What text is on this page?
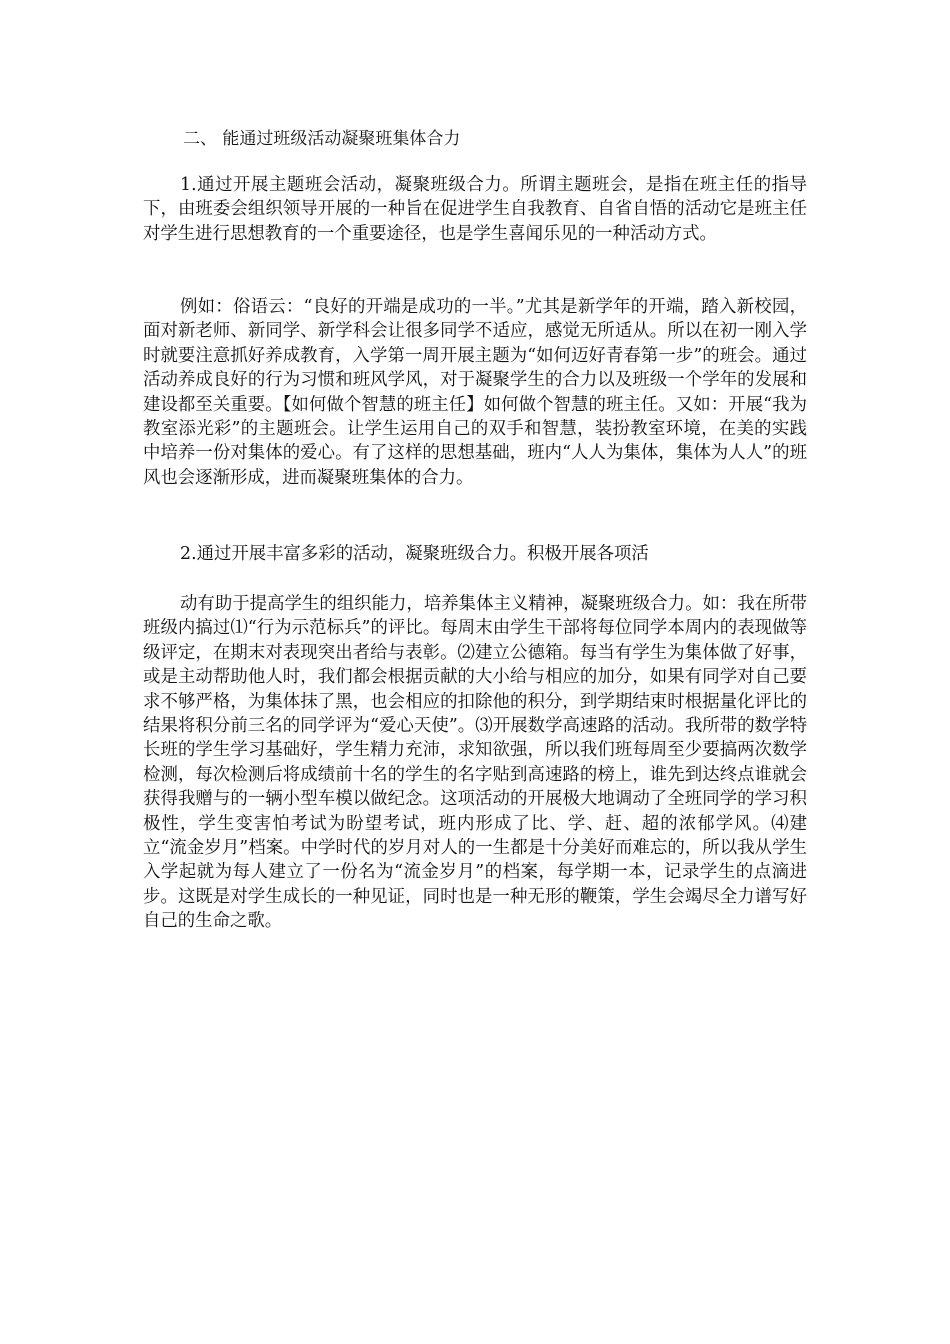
二、 能通过班级活动凝聚班集体合力

1.通过开展主题班会活动，凝聚班级合力。所谓主题班会，是指在班主任的指导下，由班委会组织领导开展的一种旨在促进学生自我教育、自省自悟的活动它是班主任对学生进行思想教育的一个重要途径，也是学生喜闻乐见的一种活动方式。

例如：俗语云：“良好的开端是成功的一半。”尤其是新学年的开端，踏入新校园，面对新老师、新同学、新学科会让很多同学不适应，感觉无所适从。所以在初一刚入学时就要注意抓好养成教育，入学第一周开展主题为“如何迈好青春第一步”的班会。通过活动养成良好的行为习惯和班风学风，对于凝聚学生的合力以及班级一个学年的发展和建设都至关重要。【如何做个智慧的班主任】如何做个智慧的班主任。又如：开展“我为教室添光彩”的主题班会。让学生运用自己的双手和智慧，装扮教室环境，在美的实践中培养一份对集体的爱心。有了这样的思想基础，班内“人人为集体，集体为人人”的班风也会逐渐形成，进而凝聚班集体的合力。

2.通过开展丰富多彩的活动，凝聚班级合力。积极开展各项活

动有助于提高学生的组织能力，培养集体主义精神，凝聚班级合力。如：我在所带班级内搞过⑴“行为示范标兵”的评比。每周末由学生干部将每位同学本周内的表现做等级评定，在期末对表现突出者给与表彰。⑵建立公德箱。每当有学生为集体做了好事，或是主动帮助他人时，我们都会根据贡献的大小给与相应的加分，如果有同学对自己要求不够严格，为集体抹了黑，也会相应的扣除他的积分，到学期结束时根据量化评比的结果将积分前三名的同学评为“爱心天使”。⑶开展数学高速路的活动。我所带的数学特长班的学生学习基础好，学生精力充沛，求知欲强，所以我们班每周至少要搞两次数学检测，每次检测后将成绩前十名的学生的名字贴到高速路的榜上，谁先到达终点谁就会获得我赠与的一辆小型车模以做纪念。这项活动的开展极大地调动了全班同学的学习积极性，学生变害怕考试为盼望考试，班内形成了比、学、赶、超的浓郁学风。⑷建立“流金岁月”档案。中学时代的岁月对人的一生都是十分美好而难忘的，所以我从学生入学起就为每人建立了一份名为“流金岁月”的档案，每学期一本，记录学生的点滴进步。这既是对学生成长的一种见证，同时也是一种无形的鞭策，学生会竭尽全力谱写好自己的生命之歌。
